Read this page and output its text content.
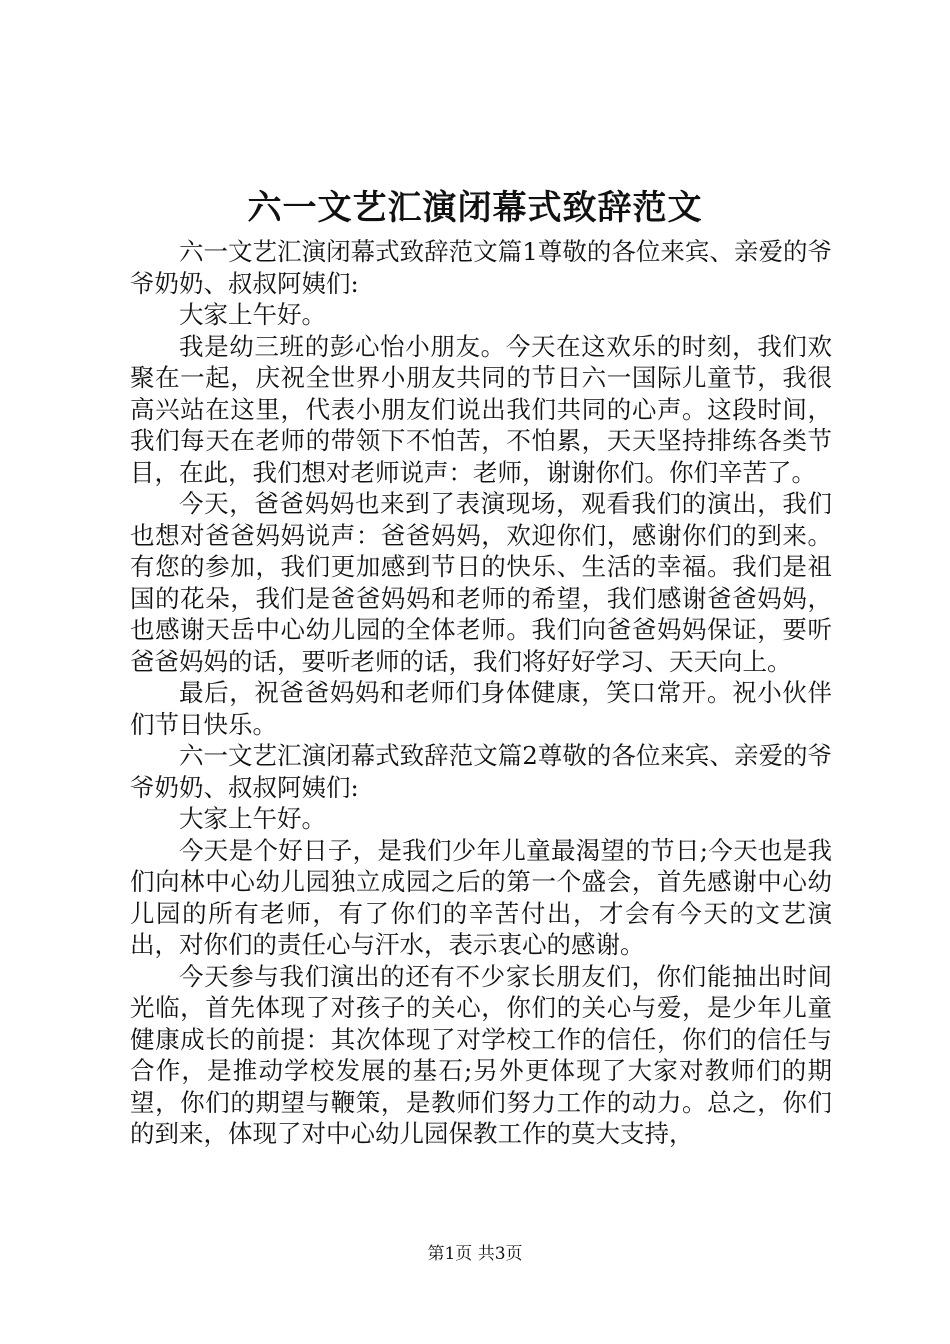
六一文艺汇演闭幕式致辞范文

六一文艺汇演闭幕式致辞范文篇1尊敬的各位来宾、亲爱的爷爷奶奶、叔叔阿姨们:

大家上午好。

我是幼三班的彭心怡小朋友。今天在这欢乐的时刻，我们欢聚在一起，庆祝全世界小朋友共同的节日六一国际儿童节，我很高兴站在这里，代表小朋友们说出我们共同的心声。这段时间，我们每天在老师的带领下不怕苦，不怕累，天天坚持排练各类节目，在此，我们想对老师说声：老师，谢谢你们。你们辛苦了。

今天，爸爸妈妈也来到了表演现场，观看我们的演出，我们也想对爸爸妈妈说声：爸爸妈妈，欢迎你们，感谢你们的到来。有您的参加，我们更加感到节日的快乐、生活的幸福。我们是祖国的花朵，我们是爸爸妈妈和老师的希望，我们感谢爸爸妈妈，也感谢天岳中心幼儿园的全体老师。我们向爸爸妈妈保证，要听爸爸妈妈的话，要听老师的话，我们将好好学习、天天向上。

最后，祝爸爸妈妈和老师们身体健康，笑口常开。祝小伙伴们节日快乐。

六一文艺汇演闭幕式致辞范文篇2尊敬的各位来宾、亲爱的爷爷奶奶、叔叔阿姨们:

大家上午好。

今天是个好日子，是我们少年儿童最渴望的节日;今天也是我们向林中心幼儿园独立成园之后的第一个盛会，首先感谢中心幼儿园的所有老师，有了你们的辛苦付出，才会有今天的文艺演出，对你们的责任心与汗水，表示衷心的感谢。

今天参与我们演出的还有不少家长朋友们，你们能抽出时间光临，首先体现了对孩子的关心，你们的关心与爱，是少年儿童健康成长的前提：其次体现了对学校工作的信任，你们的信任与合作，是推动学校发展的基石;另外更体现了大家对教师们的期望，你们的期望与鞭策，是教师们努力工作的动力。总之，你们的到来，体现了对中心幼儿园保教工作的莫大支持，

第1页 共3页
